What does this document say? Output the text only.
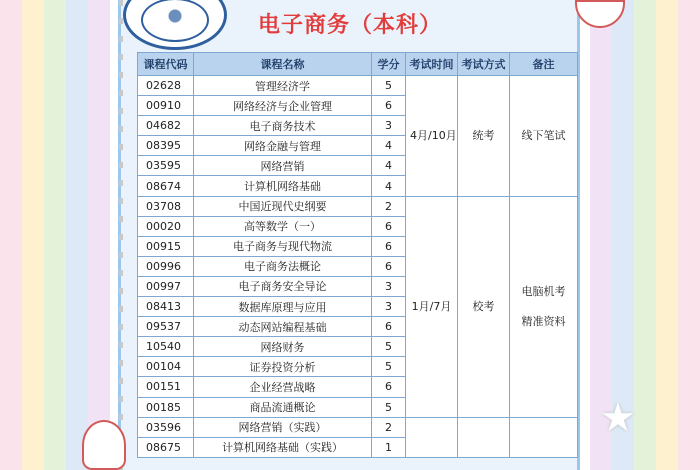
★
电子商务（本科）
课程代码	课程名称	学分	考试时间	考试方式	备注
02628	管理经济学	5	4月/10月	统考	线下笔试

00910	网络经济与企业管理	6			
04682	电子商务技术	3			
08395	网络金融与管理	4			
03595	网络营销	4			
08674	计算机网络基础	4			
03708	中国近现代史纲要	2	1月/7月	校考	电脑机考
精准资料

00020	高等数学（一）	6			
00915	电子商务与现代物流	6			
00996	电子商务法概论	6			
00997	电子商务安全导论	3			
08413	数据库原理与应用	3			
09537	动态网站编程基础	6			
10540	网络财务	5			
00104	证券投资分析	5			
00151	企业经营战略	6			
00185	商品流通概论	5			
03596	网络营销（实践）	2			

08675	计算机网络基础（实践）	1			
